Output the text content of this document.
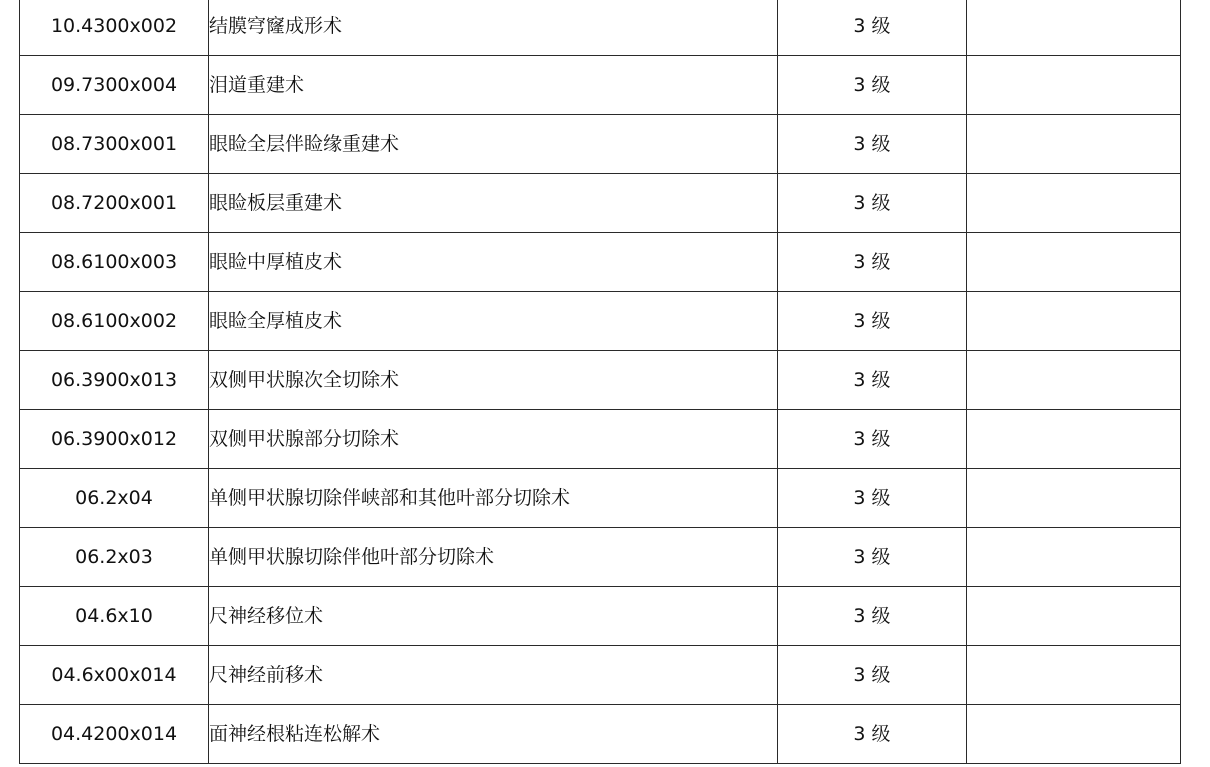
10.4300x002	结膜穹窿成形术	3 级	
09.7300x004	泪道重建术	3 级	
08.7300x001	眼睑全层伴睑缘重建术	3 级	
08.7200x001	眼睑板层重建术	3 级	
08.6100x003	眼睑中厚植皮术	3 级	
08.6100x002	眼睑全厚植皮术	3 级	
06.3900x013	双侧甲状腺次全切除术	3 级	
06.3900x012	双侧甲状腺部分切除术	3 级	
06.2x04	单侧甲状腺切除伴峡部和其他叶部分切除术	3 级	
06.2x03	单侧甲状腺切除伴他叶部分切除术	3 级	
04.6x10	尺神经移位术	3 级	
04.6x00x014	尺神经前移术	3 级	
04.4200x014	面神经根粘连松解术	3 级	
